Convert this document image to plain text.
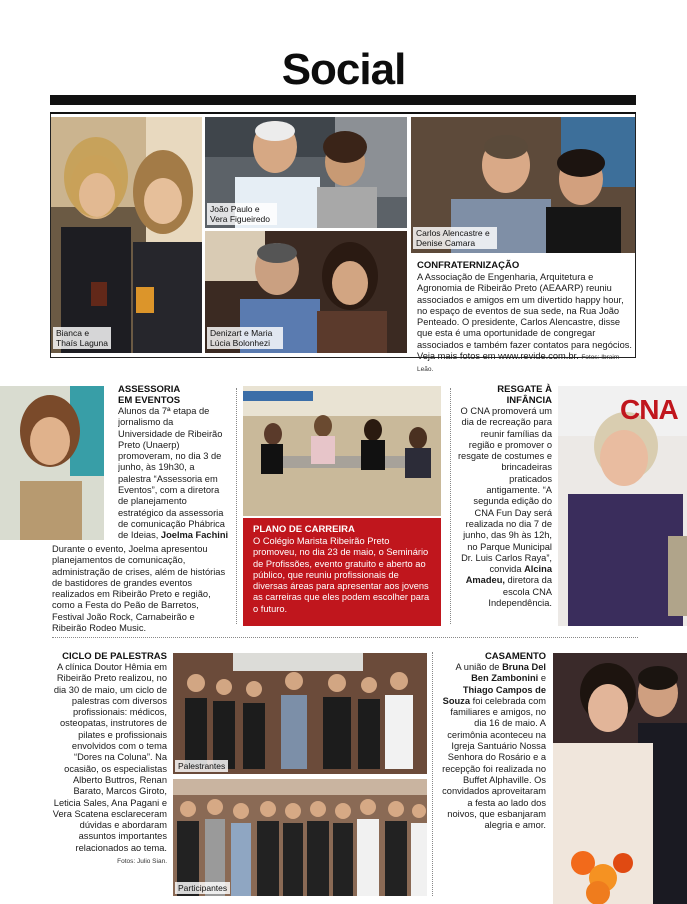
Social
Bianca e Thaís Laguna
João Paulo e Vera Figueiredo
Denizart e Maria Lúcia Bolonhezi
Carlos Alencastre e Denise Camara
CONFRATERNIZAÇÃO
A Associação de Engenharia, Arquitetura e Agronomia de Ribeirão Preto (AEAARP) reuniu associados e amigos em um divertido happy hour, no espaço de eventos de sua sede, na Rua João Penteado. O presidente, Carlos Alencastre, disse que esta é uma oportunidade de congregar associados e também fazer contatos para negócios. Veja mais fotos em www.revide.com.br. Fotos: Ibraim Leão.
ASSESSORIA
EM EVENTOS
Alunos da 7ª etapa de jornalismo da Universidade de Ribeirão Preto (Unaerp) promoveram, no dia 3 de junho, às 19h30, a palestra “Assessoria em Eventos”, com a diretora de planejamento estratégico da assessoria de comunicação Phábrica de Ideias, Joelma Fachini
Durante o evento, Joelma apresentou planejamentos de comunicação, administração de crises, além de histórias de bastidores de grandes eventos realizados em Ribeirão Preto e região, como a Festa do Peão de Barretos, Festival João Rock, Carnabeirão e Ribeirão Rodeo Music.
PLANO DE CARREIRA
O Colégio Marista Ribeirão Preto promoveu, no dia 23 de maio, o Seminário de Profissões, evento gratuito e aberto ao público, que reuniu profissionais de diversas áreas para apresentar aos jovens as carreiras que eles podem escolher para o futuro.
RESGATE À
INFÂNCIA
O CNA promoverá um dia de recreação para reunir famílias da região e promover o resgate de costumes e brincadeiras praticados antigamente. “A segunda edição do CNA Fun Day será realizada no dia 7 de junho, das 9h às 12h, no Parque Municipal Dr. Luis Carlos Raya”, convida Alcina Amadeu, diretora da escola CNA Independência.
CNA
CICLO DE PALESTRAS
A clínica Doutor Hêmia em Ribeirão Preto realizou, no dia 30 de maio, um ciclo de palestras com diversos profissionais: médicos, osteopatas, instrutores de pilates e profissionais envolvidos com o tema “Dores na Coluna”. Na ocasião, os especialistas Alberto Buttros, Renan Barato, Marcos Giroto, Leticia Sales, Ana Pagani e Vera Scatena esclareceram dúvidas e abordaram assuntos importantes relacionados ao tema.
Fotos: Julio Sian.
Palestrantes
Participantes
CASAMENTO
A união de Bruna Del Ben Zambonini e Thiago Campos de Souza foi celebrada com familiares e amigos, no dia 16 de maio. A cerimônia aconteceu na Igreja Santuário Nossa Senhora do Rosário e a recepção foi realizada no Buffet Alphaville. Os convidados aproveitaram a festa ao lado dos noivos, que esbanjaram alegria e amor.
